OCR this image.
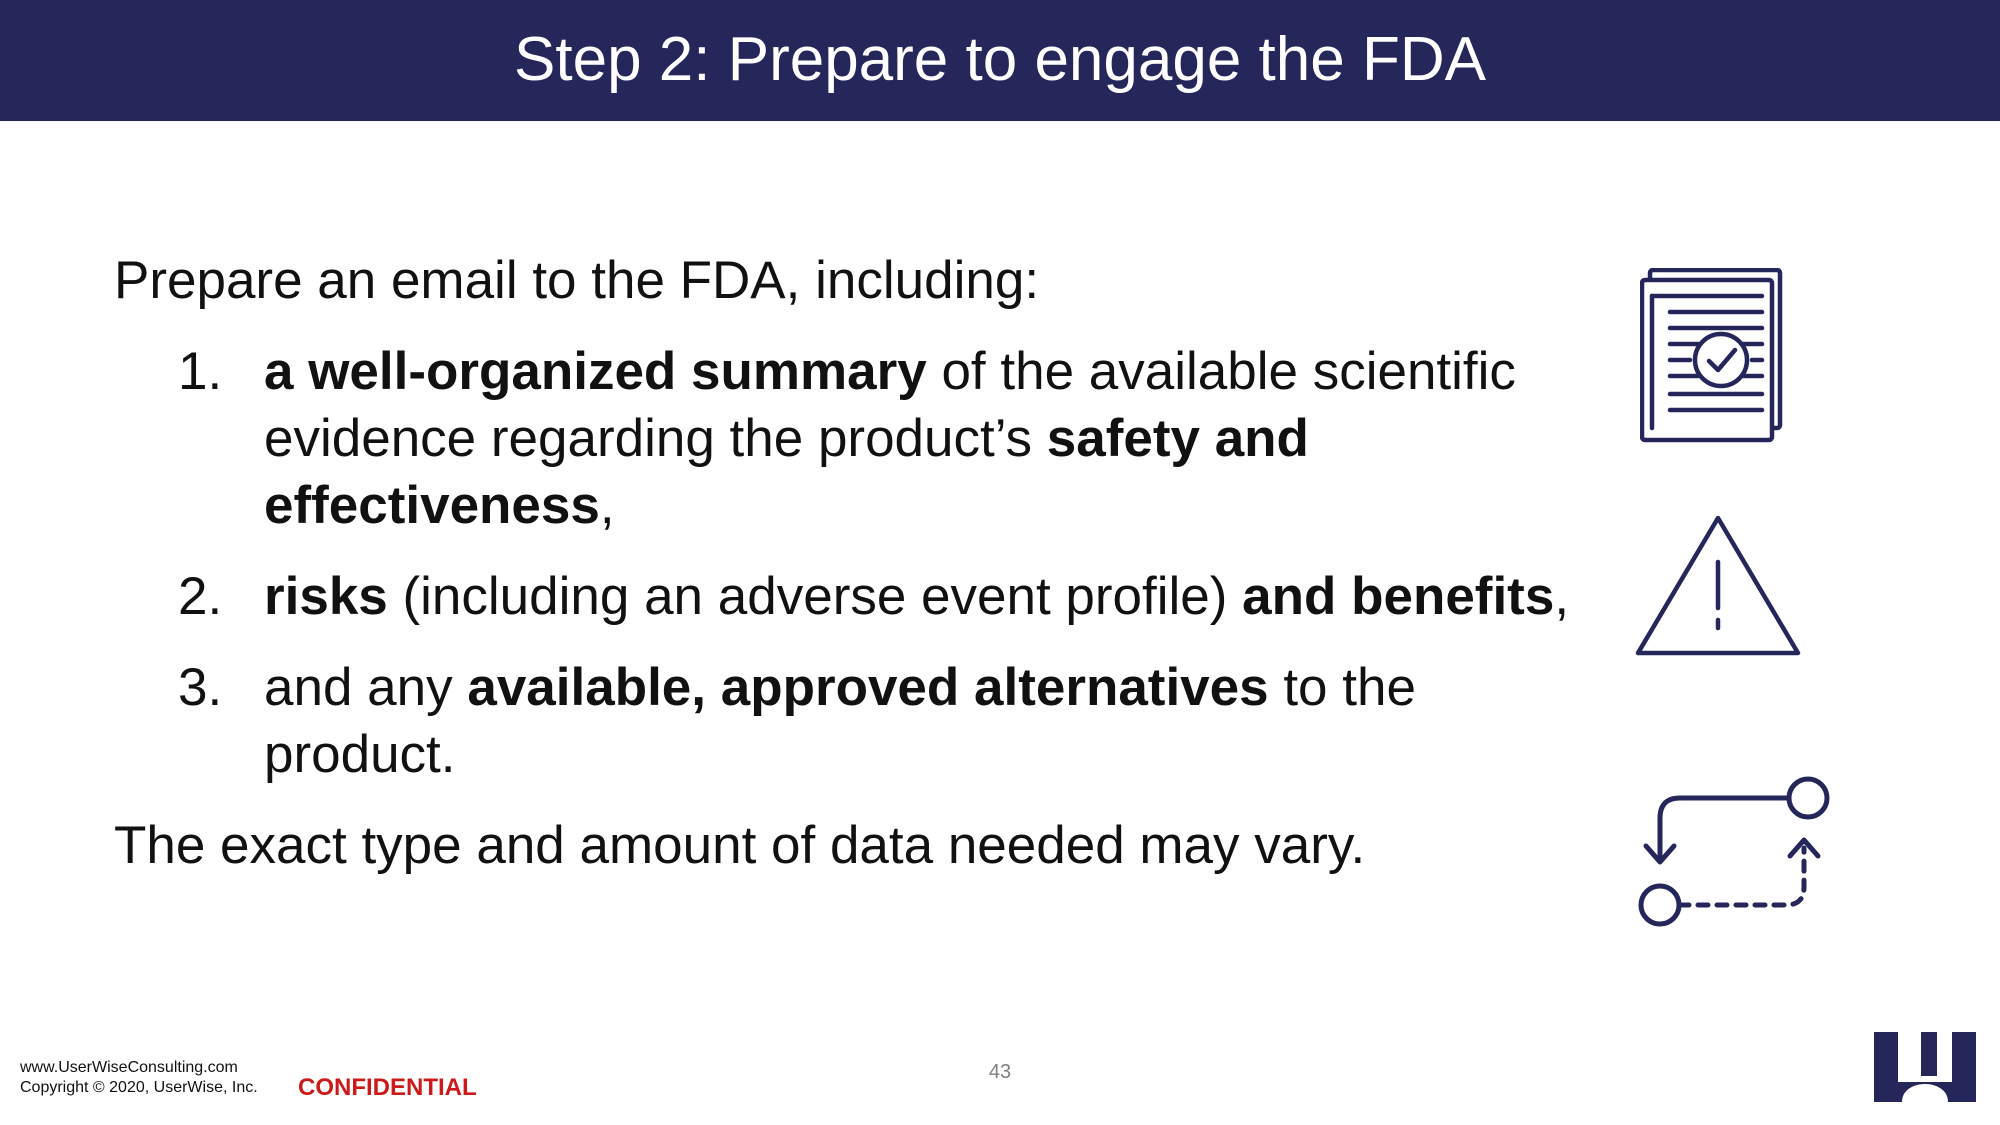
Step 2: Prepare to engage the FDA
Prepare an email to the FDA, including:
1. a well-organized summary of the available scientific evidence regarding the product’s safety and effectiveness,
2. risks (including an adverse event profile) and benefits,
3. and any available, approved alternatives to the product.
The exact type and amount of data needed may vary.
www.UserWiseConsulting.com
Copyright © 2020, UserWise, Inc. CONFIDENTIAL
43
